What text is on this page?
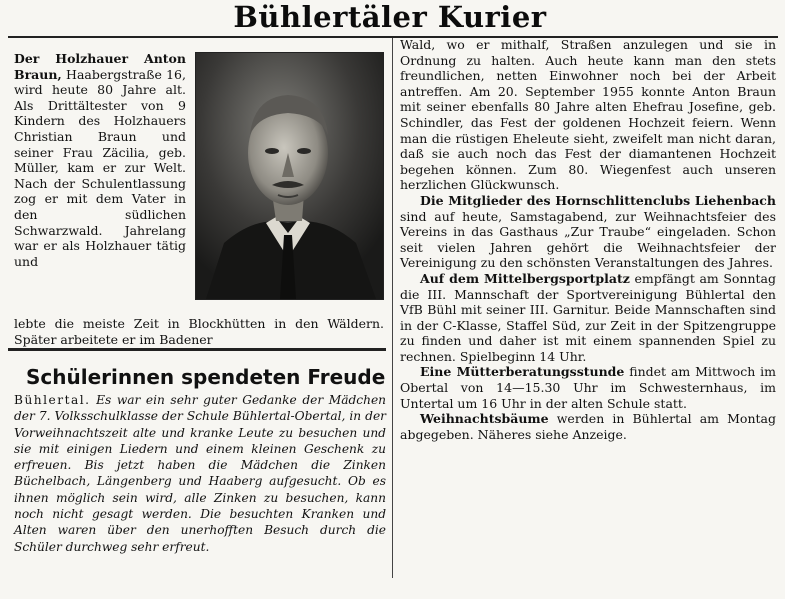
Bühlertäler Kurier

Der Holzhauer Anton Braun, Haabergstraße 16, wird heute 80 Jahre alt. Als Drittältester von 9 Kindern des Holzhauers Christian Braun und seiner Frau Zäcilia, geb. Müller, kam er zur Welt. Nach der Schulentlassung zog er mit dem Vater in den südlichen Schwarzwald. Jahrelang war er als Holzhauer tätig und

lebte die meiste Zeit in Blockhütten in den Wäldern. Später arbeitete er im Badener
Schülerinnen spendeten Freude
Bühlertal. Es war ein sehr guter Gedanke der Mädchen der 7. Volksschulklasse der Schule Bühlertal-Obertal, in der Vorweihnachtszeit alte und kranke Leute zu besuchen und sie mit einigen Liedern und einem kleinen Geschenk zu erfreuen. Bis jetzt haben die Mädchen die Zinken Büchelbach, Längenberg und Haaberg aufgesucht. Ob es ihnen möglich sein wird, alle Zinken zu besuchen, kann noch nicht gesagt werden. Die besuchten Kranken und Alten waren über den unerhofften Besuch durch die Schüler durchweg sehr erfreut.

Wald, wo er mithalf, Straßen anzulegen und sie in Ordnung zu halten. Auch heute kann man den stets freundlichen, netten Einwohner noch bei der Arbeit antreffen. Am 20. September 1955 konnte Anton Braun mit seiner ebenfalls 80 Jahre alten Ehefrau Josefine, geb. Schindler, das Fest der goldenen Hochzeit feiern. Wenn man die rüstigen Eheleute sieht, zweifelt man nicht daran, daß sie auch noch das Fest der diamantenen Hochzeit begehen können. Zum 80. Wiegenfest auch unseren herzlichen Glückwunsch.

Die Mitglieder des Hornschlittenclubs Liehenbach sind auf heute, Samstagabend, zur Weihnachtsfeier des Vereins in das Gasthaus „Zur Traube“ eingeladen. Schon seit vielen Jahren gehört die Weihnachtsfeier der Vereinigung zu den schönsten Veranstaltungen des Jahres.

Auf dem Mittelbergsportplatz empfängt am Sonntag die III. Mannschaft der Sportvereinigung Bühlertal den VfB Bühl mit seiner III. Garnitur. Beide Mannschaften sind in der C-Klasse, Staffel Süd, zur Zeit in der Spitzengruppe zu finden und daher ist mit einem spannenden Spiel zu rechnen. Spielbeginn 14 Uhr.

Eine Mütterberatungsstunde findet am Mittwoch im Obertal von 14—15.30 Uhr im Schwesternhaus, im Untertal um 16 Uhr in der alten Schule statt.

Weihnachtsbäume werden in Bühlertal am Montag abgegeben. Näheres siehe Anzeige.
